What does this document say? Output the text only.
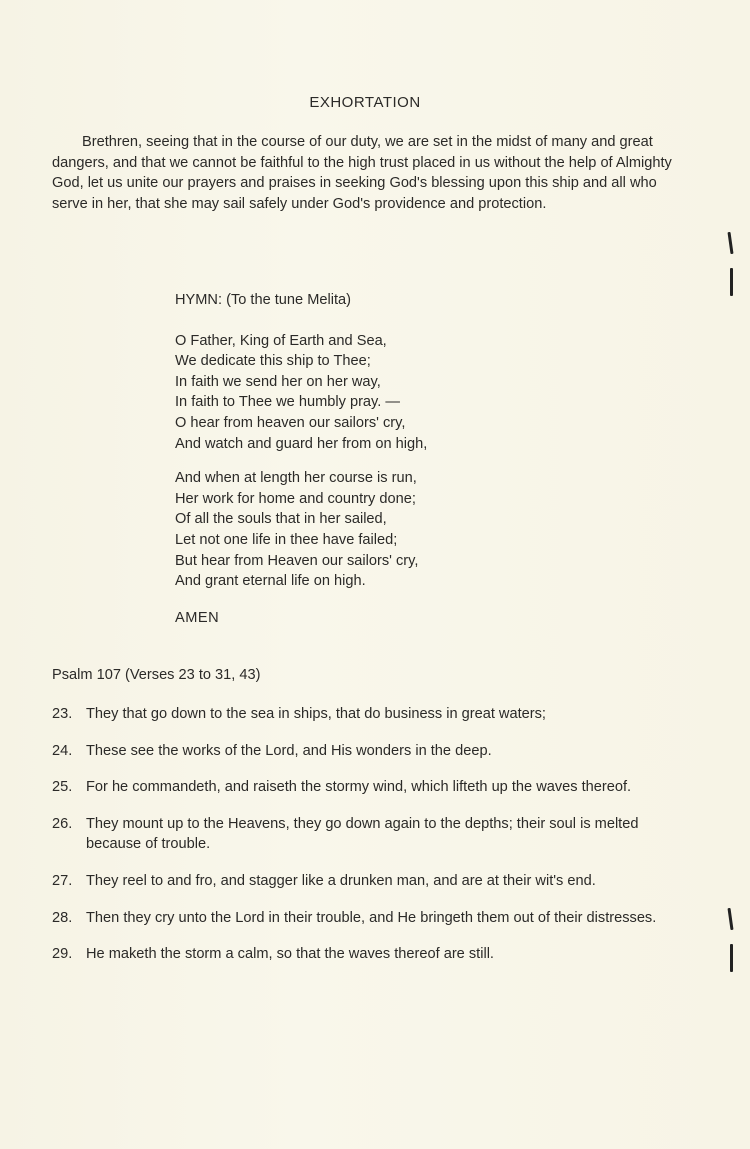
EXHORTATION

Brethren, seeing that in the course of our duty, we are set in the midst of many and great dangers, and that we cannot be faithful to the high trust placed in us without the help of Almighty God, let us unite our prayers and praises in seeking God's blessing upon this ship and all who serve in her, that she may sail safely under God's providence and protection.

HYMN: (To the tune Melita)
O Father, King of Earth and Sea,
We dedicate this ship to Thee;
In faith we send her on her way,
In faith to Thee we humbly pray. —
O hear from heaven our sailors' cry,
And watch and guard her from on high,
And when at length her course is run,
Her work for home and country done;
Of all the souls that in her sailed,
Let not one life in thee have failed;
But hear from Heaven our sailors' cry,
And grant eternal life on high.
AMEN
Psalm 107 (Verses 23 to 31, 43)
23. They that go down to the sea in ships, that do business in great waters;
24. These see the works of the Lord, and His wonders in the deep.
25. For he commandeth, and raiseth the stormy wind, which lifteth up the waves thereof.
26. They mount up to the Heavens, they go down again to the depths; their soul is melted because of trouble.
27. They reel to and fro, and stagger like a drunken man, and are at their wit's end.
28. Then they cry unto the Lord in their trouble, and He bringeth them out of their distresses.
29. He maketh the storm a calm, so that the waves thereof are still.
